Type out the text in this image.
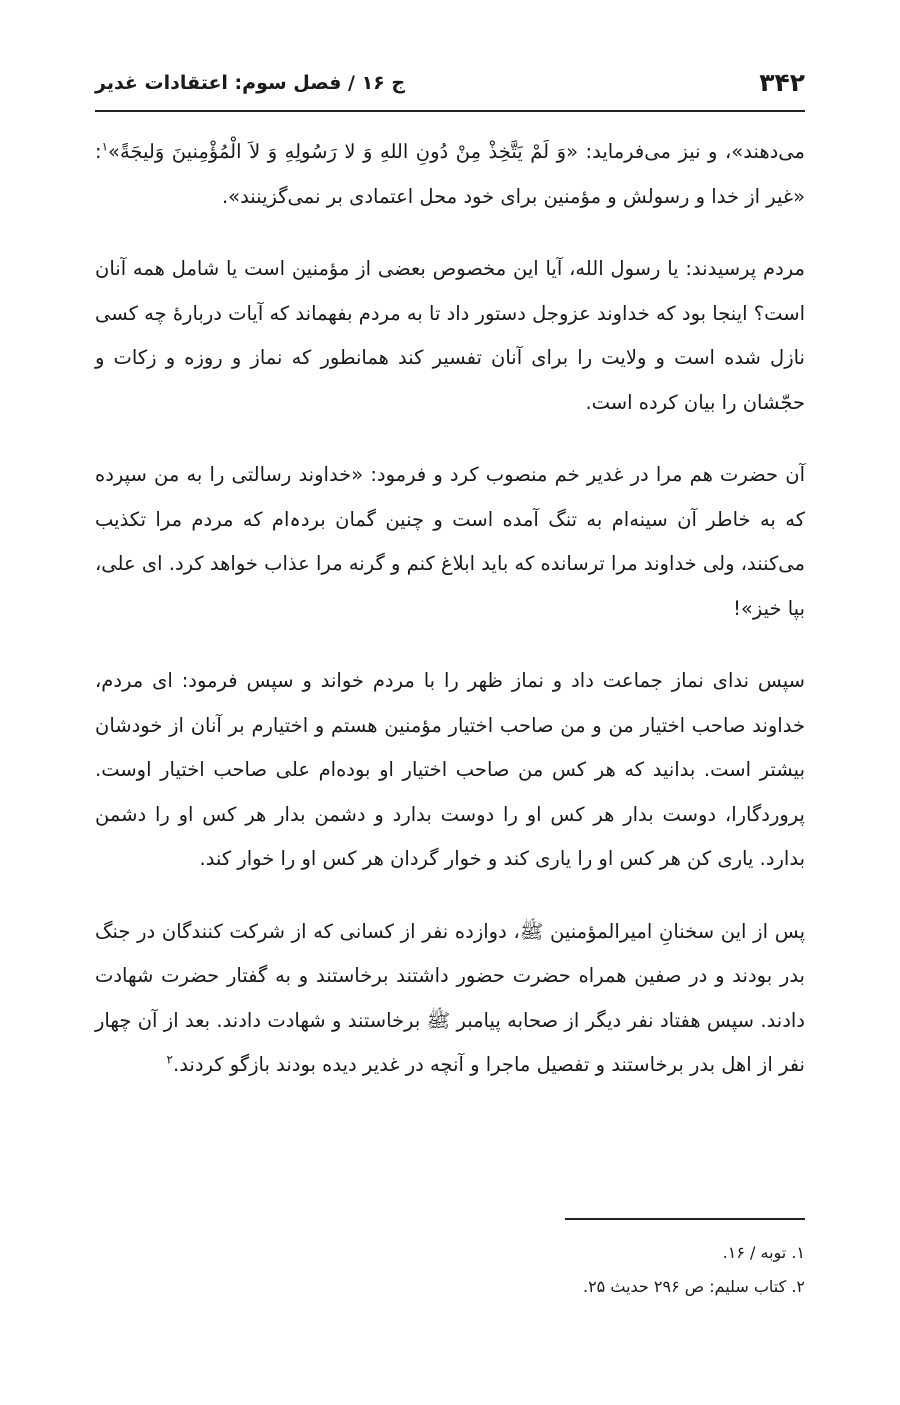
۳۴۲
ج ۱۶ / فصل سوم: اعتقادات غدیر

می‌دهند»، و نیز می‌فرماید: «وَ لَمْ یَتَّخِذْ مِنْ دُونِ اللهِ وَ لا رَسُولِهِ وَ لاَ الْمُؤْمِنینَ وَلیجَةً»$^۱$: «غیر از خدا و رسولش و مؤمنین برای خود محل اعتمادی بر نمی‌گزینند».

مردم پرسیدند: یا رسول الله، آیا این مخصوص بعضی از مؤمنین است یا شامل همه آنان است؟ اینجا بود که خداوند عزوجل دستور داد تا به مردم بفهماند که آیات دربارهٔ چه کسی نازل شده است و ولایت را برای آنان تفسیر کند همانطور که نماز و روزه و زکات و حجّشان را بیان کرده است.

آن حضرت هم مرا در غدیر خم منصوب کرد و فرمود: «خداوند رسالتی را به من سپرده که به خاطر آن سینه‌ام به تنگ آمده است و چنین گمان بردہ‌ام که مردم مرا تکذیب می‌کنند، ولی خداوند مرا ترسانده که باید ابلاغ کنم و گرنه مرا عذاب خواهد کرد. ای علی، بپا خیز»!

سپس ندای نماز جماعت داد و نماز ظهر را با مردم خواند و سپس فرمود: ای مردم، خداوند صاحب اختیار من و من صاحب اختیار مؤمنین هستم و اختیارم بر آنان از خودشان بیشتر است. بدانید که هر کس من صاحب اختیار او بوده‌ام علی صاحب اختیار اوست. پروردگارا، دوست بدار هر کس او را دوست بدارد و دشمن بدار هر کس او را دشمن بدارد. یاری کن هر کس او را یاری کند و خوار گردان هر کس او را خوار کند.

پس از این سخنانِ امیرالمؤمنین ﷺ، دوازده نفر از کسانی که از شرکت کنندگان در جنگ بدر بودند و در صفین همراه حضرت حضور داشتند برخاستند و به گفتار حضرت شهادت دادند. سپس هفتاد نفر دیگر از صحابه پیامبر ﷺ برخاستند و شهادت دادند. بعد از آن چهار نفر از اهل بدر برخاستند و تفصیل ماجرا و آنچه در غدیر دیده بودند بازگو کردند.$^۲$

۱. توبه / ۱۶.
۲. کتاب سلیم: ص ۲۹۶ حدیث ۲۵.
